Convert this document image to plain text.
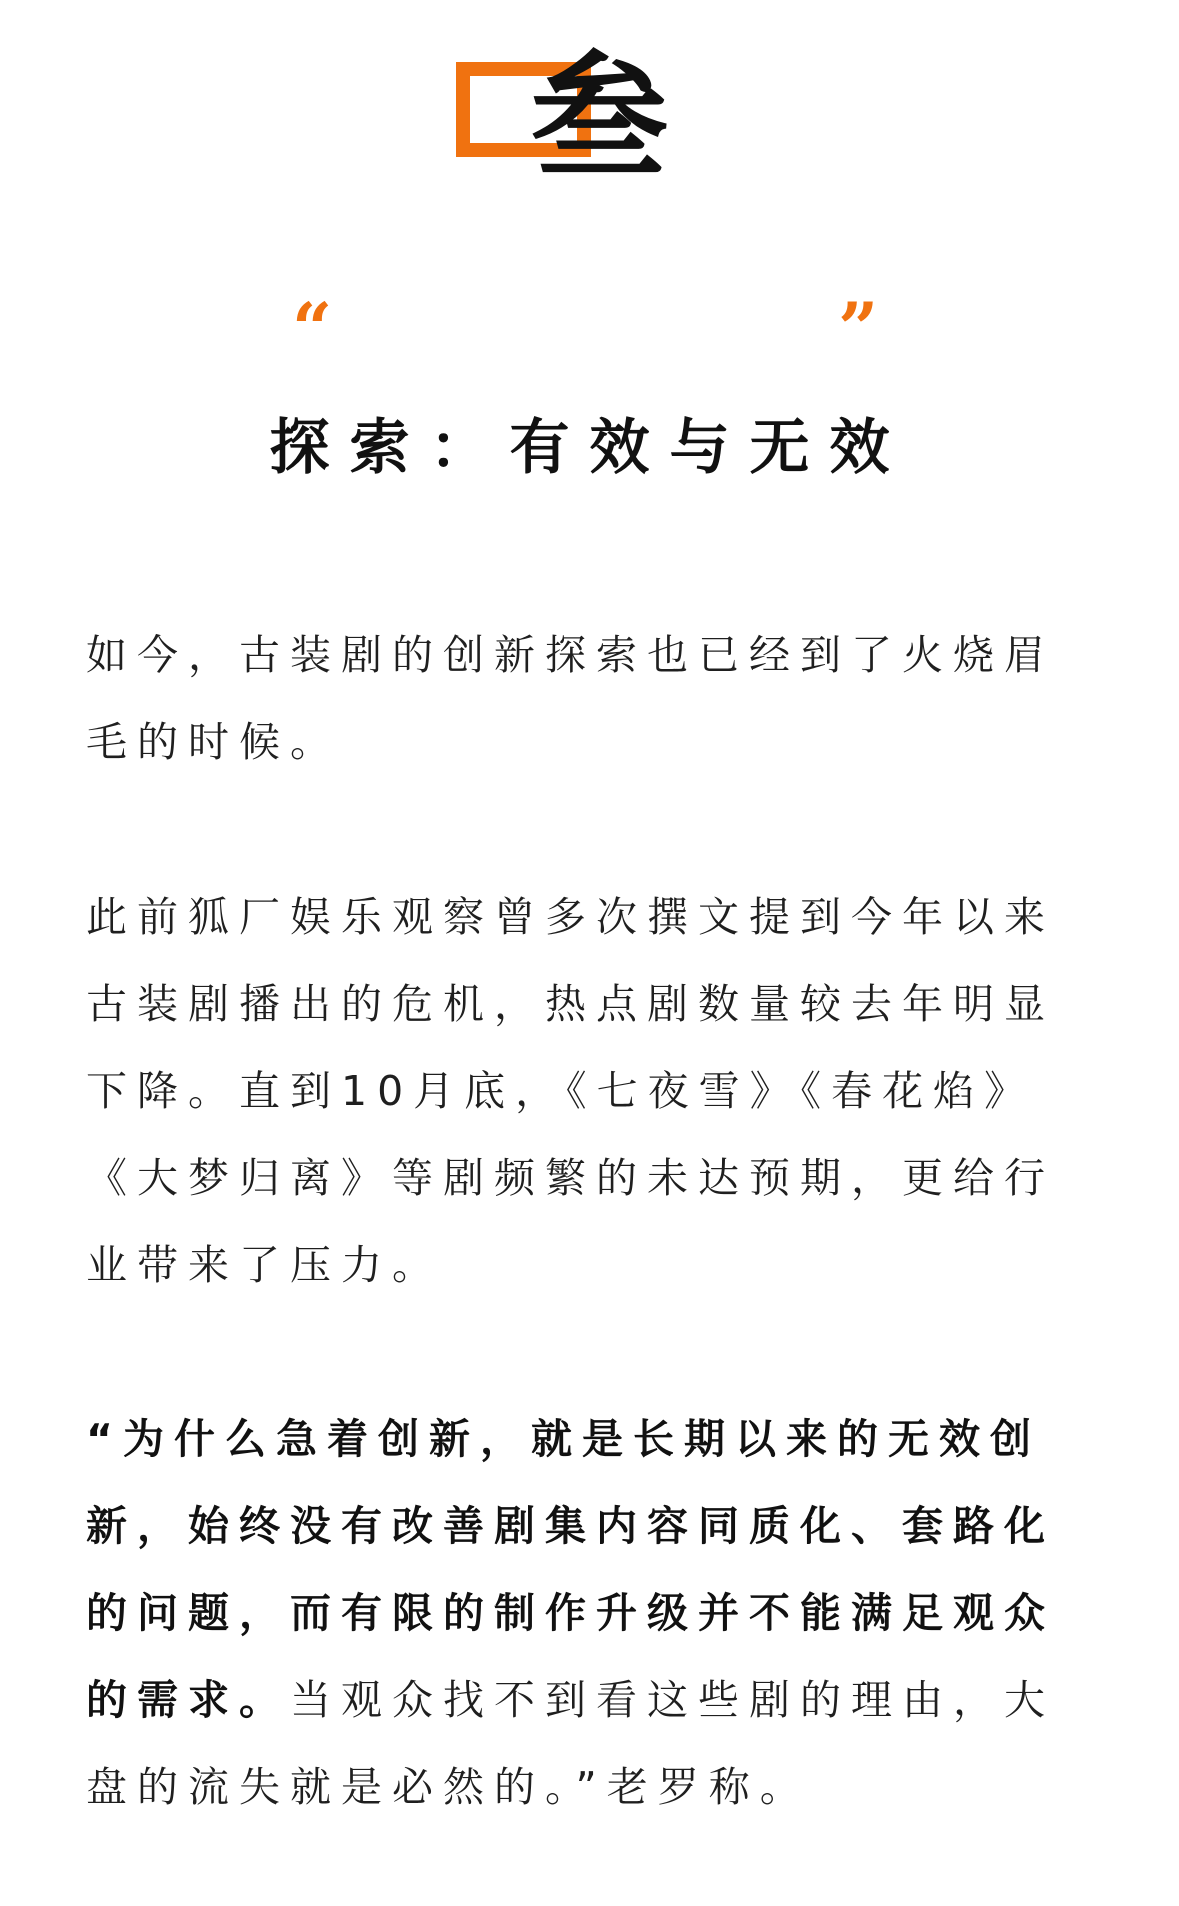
叁
“	”
探索：有效与无效

如今，古装剧的创新探索也已经到了火烧眉毛的时候。

此前狐厂娱乐观察曾多次撰文提到今年以来古装剧播出的危机，热点剧数量较去年明显下降。直到10月底，《七夜雪》《春花焰》《大梦归离》等剧频繁的未达预期，更给行业带来了压力。

“为什么急着创新，就是长期以来的无效创新，始终没有改善剧集内容同质化、套路化的问题，而有限的制作升级并不能满足观众的需求。当观众找不到看这些剧的理由，大盘的流失就是必然的。”老罗称。
